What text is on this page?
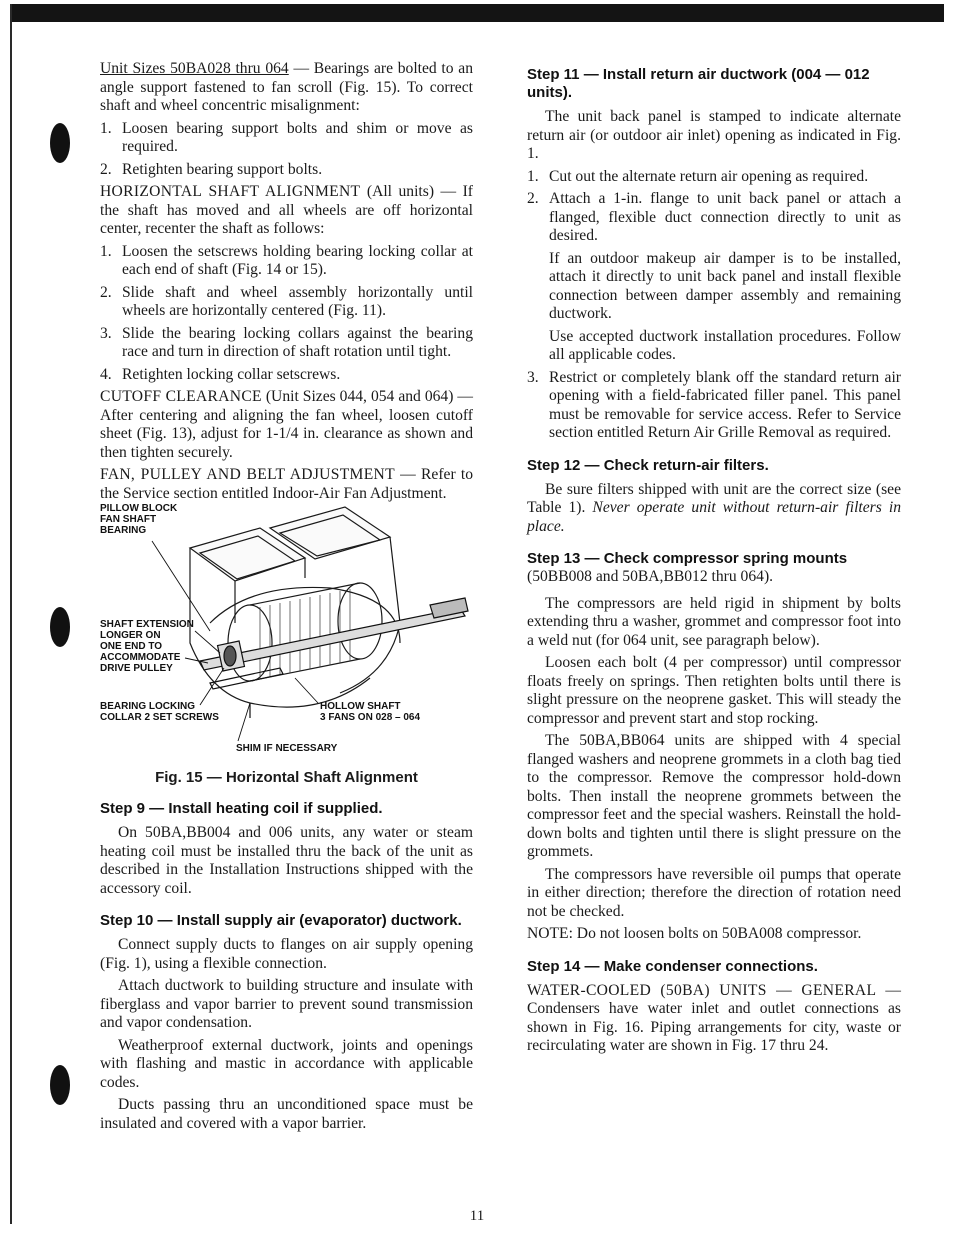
Unit Sizes 50BA028 thru 064 — Bearings are bolted to an angle support fastened to fan scroll (Fig. 15). To correct shaft and wheel concentric misalignment:

1. Loosen bearing support bolts and shim or move as required.
2. Retighten bearing support bolts.

HORIZONTAL SHAFT ALIGNMENT (All units) — If the shaft has moved and all wheels are off horizontal center, recenter the shaft as follows:

1. Loosen the setscrews holding bearing locking collar at each end of shaft (Fig. 14 or 15).
2. Slide shaft and wheel assembly horizontally until wheels are horizontally centered (Fig. 11).
3. Slide the bearing locking collars against the bearing race and turn in direction of shaft rotation until tight.
4. Retighten locking collar setscrews.

CUTOFF CLEARANCE (Unit Sizes 044, 054 and 064) — After centering and aligning the fan wheel, loosen cutoff sheet (Fig. 13), adjust for 1-1/4 in. clearance as shown and then tighten securely.

FAN, PULLEY AND BELT ADJUSTMENT — Refer to the Service section entitled Indoor-Air Fan Adjustment.

PILLOW BLOCK
FAN SHAFT
BEARING
SHAFT EXTENSION
LONGER ON
ONE END TO
ACCOMMODATE
DRIVE PULLEY
BEARING LOCKING
COLLAR 2 SET SCREWS
HOLLOW SHAFT
3 FANS ON 028 – 064
SHIM IF NECESSARY
Fig. 15 — Horizontal Shaft Alignment
Step 9 — Install heating coil if supplied.

On 50BA,BB004 and 006 units, any water or steam heating coil must be installed thru the back of the unit as described in the Installation Instructions shipped with the accessory coil.

Step 10 — Install supply air (evaporator) ductwork.

Connect supply ducts to flanges on air supply opening (Fig. 1), using a flexible connection.

Attach ductwork to building structure and insulate with fiberglass and vapor barrier to prevent sound transmission and vapor condensation.

Weatherproof external ductwork, joints and openings with flashing and mastic in accordance with applicable codes.

Ducts passing thru an unconditioned space must be insulated and covered with a vapor barrier.

Step 11 — Install return air ductwork (004 — 012 units).

The unit back panel is stamped to indicate alternate return air (or outdoor air inlet) opening as indicated in Fig. 1.

1. Cut out the alternate return air opening as required.
2. Attach a 1-in. flange to unit back panel or attach a flanged, flexible duct connection directly to unit as desired.

If an outdoor makeup air damper is to be installed, attach it directly to unit back panel and install flexible connection between damper assembly and remaining ductwork.

Use accepted ductwork installation procedures. Follow all applicable codes.

3. Restrict or completely blank off the standard return air opening with a field-fabricated filler panel. This panel must be removable for service access. Refer to Service section entitled Return Air Grille Removal as required.
Step 12 — Check return-air filters.

Be sure filters shipped with unit are the correct size (see Table 1). Never operate unit without return-air filters in place.

Step 13 — Check compressor spring mounts

(50BB008 and 50BA,BB012 thru 064).

The compressors are held rigid in shipment by bolts extending thru a washer, grommet and compressor foot into a weld nut (for 064 unit, see paragraph below).

Loosen each bolt (4 per compressor) until compressor floats freely on springs. Then retighten bolts until there is slight pressure on the neoprene gasket. This will steady the compressor and prevent start and stop rocking.

The 50BA,BB064 units are shipped with 4 special flanged washers and neoprene grommets in a cloth bag tied to the compressor. Remove the compressor hold-down bolts. Then install the neoprene grommets between the compressor feet and the special washers. Reinstall the hold-down bolts and tighten until there is slight pressure on the grommets.

The compressors have reversible oil pumps that operate in either direction; therefore the direction of rotation need not be checked.

NOTE: Do not loosen bolts on 50BA008 compressor.

Step 14 — Make condenser connections.

WATER-COOLED (50BA) UNITS — GENERAL — Condensers have water inlet and outlet connections as shown in Fig. 16. Piping arrangements for city, waste or recirculating water are shown in Fig. 17 thru 24.

11
